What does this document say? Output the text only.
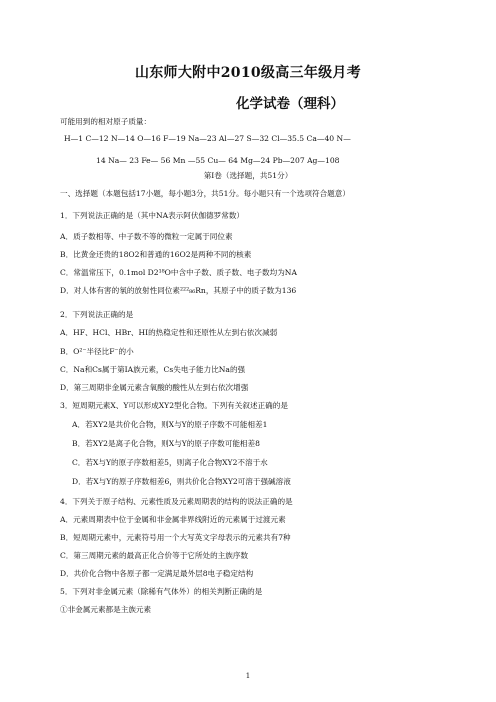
山东师大附中2010级高三年级月考
化学试卷（理科）
可能用到的相对原子质量：
H—1 C—12 N—14 O—16 F—19 Na—23 Al—27 S—32 Cl—35.5 Ca—40 N—
14 Na— 23 Fe— 56 Mn —55 Cu— 64 Mg—24 Pb—207 Ag—108
第Ⅰ卷（选择题，共51分）
一、选择题（本题包括17小题，每小题3分，共51分。每小题只有一个选项符合题意）
1．下列说法正确的是（其中NA表示阿伏伽德罗常数）
A．质子数相等、中子数不等的微粒一定属于同位素
B．比黄金还贵的18O2和普通的16O2是两种不同的核素
C．常温常压下，0.1mol D2¹⁸O中含中子数、质子数、电子数均为NA
D．对人体有害的氡的放射性同位素²²²₈₆Rn，其原子中的质子数为136
2．下列说法正确的是
A．HF、HCl、HBr、HI的热稳定性和还原性从左到右依次减弱
B．O²⁻半径比F⁻的小
C．Na和Cs属于第ⅠA族元素，Cs失电子能力比Na的强
D．第三周期非金属元素含氧酸的酸性从左到右依次增强
3．短周期元素X、Y可以形成XY2型化合物。下列有关叙述正确的是
A．若XY2是共价化合物，则X与Y的原子序数不可能相差1
B．若XY2是离子化合物，则X与Y的原子序数可能相差8
C．若X与Y的原子序数相差5，则离子化合物XY2不溶于水
D．若X与Y的原子序数相差6，则共价化合物XY2可溶于强碱溶液
4．下列关于原子结构、元素性质及元素周期表的结构的说法正确的是
A．元素周期表中位于金属和非金属非界线附近的元素属于过渡元素
B．短周期元素中，元素符号用一个大写英文字母表示的元素共有7种
C．第三周期元素的最高正化合价等于它所处的主族序数
D．共价化合物中各原子都一定满足最外层8电子稳定结构
5．下列对非金属元素（除稀有气体外）的相关判断正确的是
①非金属元素都是主族元素
1
